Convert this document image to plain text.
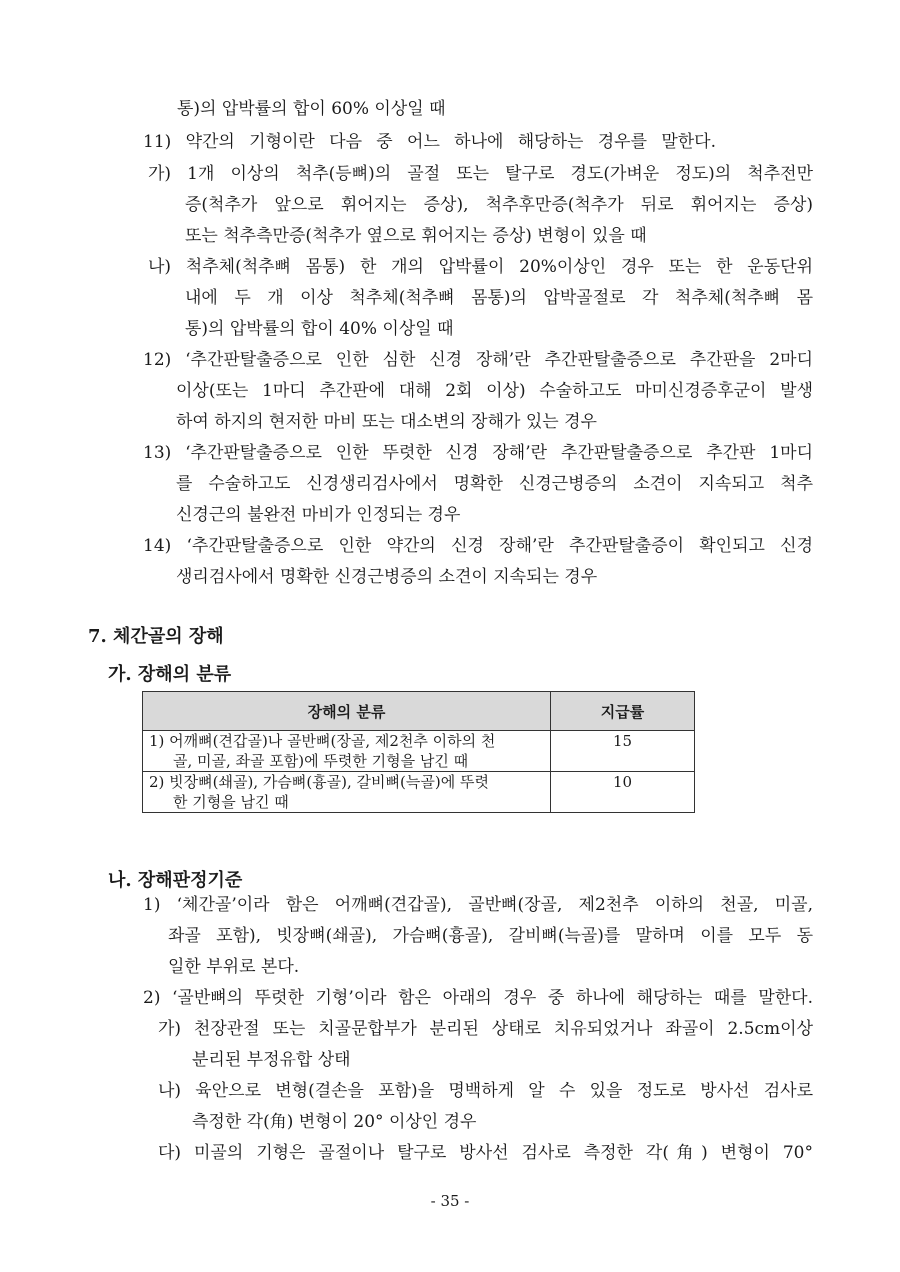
통)의 압박률의 합이 60% 이상일 때
11) 약간의 기형이란 다음 중 어느 하나에 해당하는 경우를 말한다.
가) 1개 이상의 척추(등뼈)의 골절 또는 탈구로 경도(가벼운 정도)의 척추전만
증(척추가 앞으로 휘어지는 증상), 척추후만증(척추가 뒤로 휘어지는 증상)
또는 척추측만증(척추가 옆으로 휘어지는 증상) 변형이 있을 때
나) 척추체(척추뼈 몸통) 한 개의 압박률이 20%이상인 경우 또는 한 운동단위
내에 두 개 이상 척추체(척추뼈 몸통)의 압박골절로 각 척추체(척추뼈 몸
통)의 압박률의 합이 40% 이상일 때
12) ‘추간판탈출증으로 인한 심한 신경 장해’란 추간판탈출증으로 추간판을 2마디
이상(또는 1마디 추간판에 대해 2회 이상) 수술하고도 마미신경증후군이 발생
하여 하지의 현저한 마비 또는 대소변의 장해가 있는 경우
13) ‘추간판탈출증으로 인한 뚜렷한 신경 장해’란 추간판탈출증으로 추간판 1마디
를 수술하고도 신경생리검사에서 명확한 신경근병증의 소견이 지속되고 척추
신경근의 불완전 마비가 인정되는 경우
14) ‘추간판탈출증으로 인한 약간의 신경 장해’란 추간판탈출증이 확인되고 신경
생리검사에서 명확한 신경근병증의 소견이 지속되는 경우
7. 체간골의 장해
가. 장해의 분류
장해의 분류	지급률

1) 어깨뼈(견갑골)나 골반뼈(장골, 제2천추 이하의 천
골, 미골, 좌골 포함)에 뚜렷한 기형을 남긴 때	15

2) 빗장뼈(쇄골), 가슴뼈(흉골), 갈비뼈(늑골)에 뚜렷
한 기형을 남긴 때	10
나. 장해판정기준
1) ‘체간골’이라 함은 어깨뼈(견갑골), 골반뼈(장골, 제2천추 이하의 천골, 미골,
좌골 포함), 빗장뼈(쇄골), 가슴뼈(흉골), 갈비뼈(늑골)를 말하며 이를 모두 동
일한 부위로 본다.
2) ‘골반뼈의 뚜렷한 기형’이라 함은 아래의 경우 중 하나에 해당하는 때를 말한다.
가) 천장관절 또는 치골문합부가 분리된 상태로 치유되었거나 좌골이 2.5cm이상
분리된 부정유합 상태
나) 육안으로 변형(결손을 포함)을 명백하게 알 수 있을 정도로 방사선 검사로
측정한 각(角) 변형이 20° 이상인 경우
다) 미골의 기형은 골절이나 탈구로 방사선 검사로 측정한 각(角) 변형이 70°
- 35 -
